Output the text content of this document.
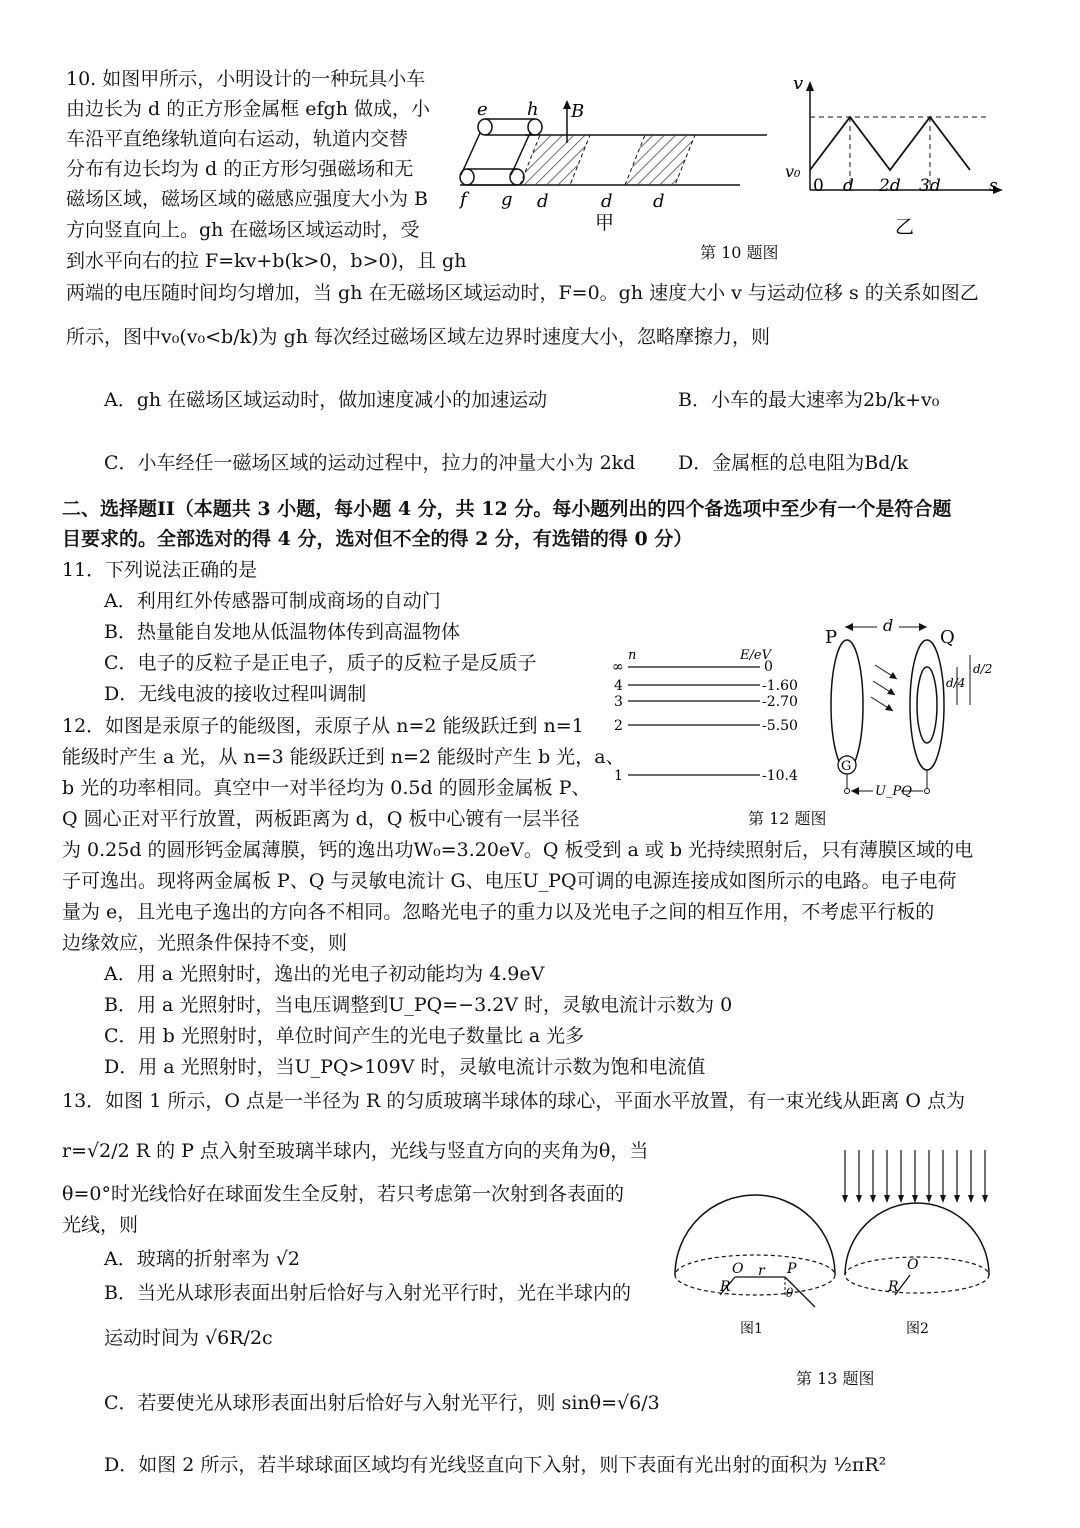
10. 如图甲所示，小明设计的一种玩具小车
由边长为 d 的正方形金属框 efgh 做成，小
车沿平直绝缘轨道向右运动，轨道内交替
分布有边长均为 d 的正方形匀强磁场和无
磁场区域，磁场区域的磁感应强度大小为 B
方向竖直向上。gh 在磁场区域运动时，受
到水平向右的拉 F=kv+b(k>0，b>0)，且 gh
两端的电压随时间均匀增加，当 gh 在无磁场区域运动时，F=0。gh 速度大小 v 与运动位移 s 的关系如图乙
所示，图中v₀(v₀<b/k)为 gh 每次经过磁场区域左边界时速度大小，忽略摩擦力，则
A．gh 在磁场区域运动时，做加速度减小的加速运动	B．小车的最大速率为2b/k+v₀
C．小车经任一磁场区域的运动过程中，拉力的冲量大小为 2kd D．金属框的总电阻为Bd/k
e h B
f g d	d d
甲
v
v₀
0 d 2d 3d	s
乙
第 10 题图
二、选择题II（本题共 3 小题，每小题 4 分，共 12 分。每小题列出的四个备选项中至少有一个是符合题
目要求的。全部选对的得 4 分，选对但不全的得 2 分，有选错的得 0 分）
11．下列说法正确的是
A．利用红外传感器可制成商场的自动门
B．热量能自发地从低温物体传到高温物体
C．电子的反粒子是正电子，质子的反粒子是反质子
D．无线电波的接收过程叫调制
12．如图是汞原子的能级图，汞原子从 n=2 能级跃迁到 n=1
能级时产生 a 光，从 n=3 能级跃迁到 n=2 能级时产生 b 光，a、
b 光的功率相同。真空中一对半径均为 0.5d 的圆形金属板 P、
Q 圆心正对平行放置，两板距离为 d，Q 板中心镀有一层半径
为 0.25d 的圆形钙金属薄膜，钙的逸出功W₀=3.20eV。Q 板受到 a 或 b 光持续照射后，只有薄膜区域的电
子可逸出。现将两金属板 P、Q 与灵敏电流计 G、电压U_PQ可调的电源连接成如图所示的电路。电子电荷
量为 e，且光电子逸出的方向各不相同。忽略光电子的重力以及光电子之间的相互作用，不考虑平行板的
边缘效应，光照条件保持不变，则
A．用 a 光照射时，逸出的光电子初动能均为 4.9eV
B．用 a 光照射时，当电压调整到U_PQ=−3.2V 时，灵敏电流计示数为 0
C．用 b 光照射时，单位时间产生的光电子数量比 a 光多
D．用 a 光照射时，当U_PQ>109V 时，灵敏电流计示数为饱和电流值
n	E/eV
∞	0
4	-1.60
3	-2.70
2	-5.50
1	-10.4
P
d
Q
d/4
d/2
G
U_PQ
第 12 题图
13．如图 1 所示，O 点是一半径为 R 的匀质玻璃半球体的球心，平面水平放置，有一束光线从距离 O 点为
r=√2/2 R 的 P 点入射至玻璃半球内，光线与竖直方向的夹角为θ，当
θ=0°时光线恰好在球面发生全反射，若只考虑第一次射到各表面的
光线，则
A．玻璃的折射率为 √2
B．当光从球形表面出射后恰好与入射光平行时，光在半球内的
运动时间为 √6R/2c
C．若要使光从球形表面出射后恰好与入射光平行，则 sinθ=√6/3
D．如图 2 所示，若半球球面区域均有光线竖直向下入射，则下表面有光出射的面积为 ½πR²
O r P
R	θ
图1
O
R
图2
第 13 题图
